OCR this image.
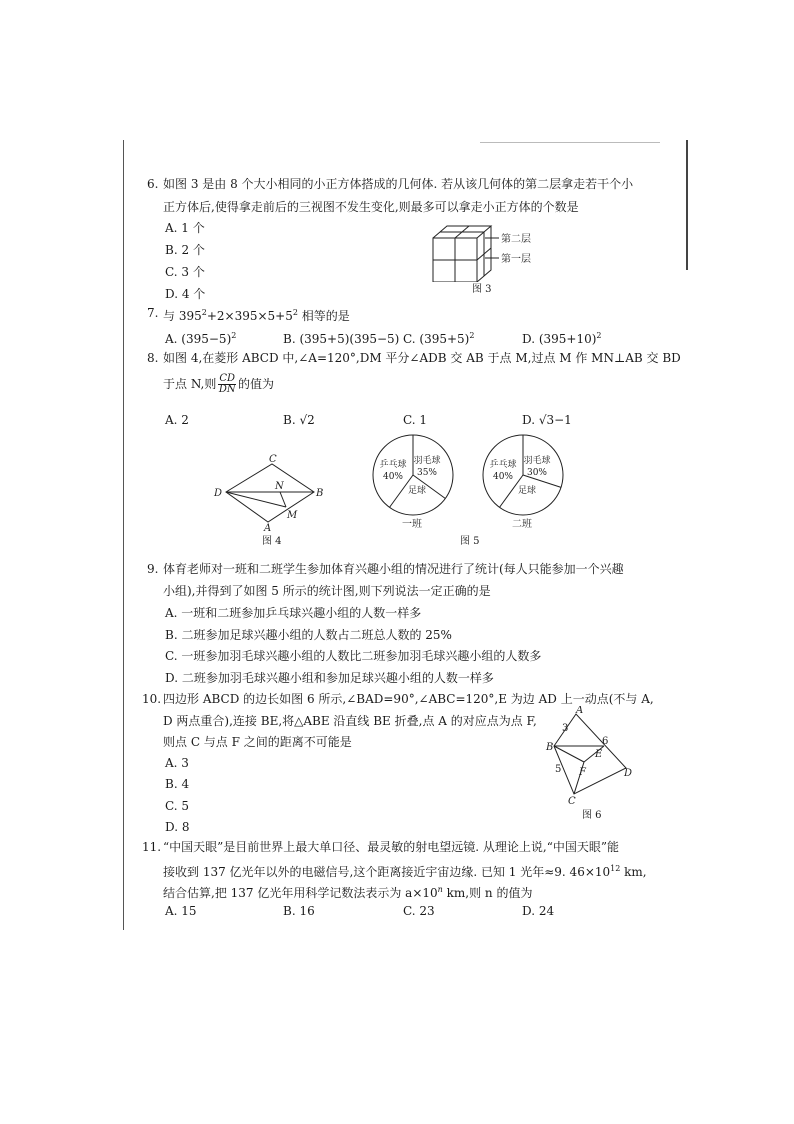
6. 如图 3 是由 8 个大小相同的小正方体搭成的几何体. 若从该几何体的第二层拿走若干个小
正方体后,使得拿走前后的三视图不发生变化,则最多可以拿走小正方体的个数是
A. 1 个
B. 2 个
C. 3 个
D. 4 个
第二层
第一层
图 3
7. 与 $395^2+2\times 395\times 5+5^2$ 相等的是
A. $(395-5)^2$	B. (395+5)(395−5) C. $(395+5)^2$	D. $(395+10)^2$
8. 如图 4,在菱形 ABCD 中,∠A=120°,DM 平分∠ADB 交 AB 于点 M,过点 M 作 MN⊥AB 交 BD
于点 N,则 $\frac{CD}{DN}$ 的值为
A. 2	B. √2	C. 1	D. √3−1
C
D
N
B
M
A
图 4
乒乓球
40%
羽毛球
35%
足球
乒乓球
40%
羽毛球
30%
足球
一班	二班
图 5
9. 体育老师对一班和二班学生参加体育兴趣小组的情况进行了统计(每人只能参加一个兴趣
小组),并得到了如图 5 所示的统计图,则下列说法一定正确的是
A. 一班和二班参加乒乓球兴趣小组的人数一样多
B. 二班参加足球兴趣小组的人数占二班总人数的 25%
C. 一班参加羽毛球兴趣小组的人数比二班参加羽毛球兴趣小组的人数多
D. 二班参加羽毛球兴趣小组和参加足球兴趣小组的人数一样多
10. 四边形 ABCD 的边长如图 6 所示,∠BAD=90°,∠ABC=120°,E 为边 AD 上一动点(不与 A,
D 两点重合),连接 BE,将△ABE 沿直线 BE 折叠,点 A 的对应点为点 F,
则点 C 与点 F 之间的距离不可能是
A. 3
B. 4
C. 5
D. 8
A
3
B
6
E
5 F	D
C
图 6
11. “中国天眼”是目前世界上最大单口径、最灵敏的射电望远镜. 从理论上说,“中国天眼”能
接收到 137 亿光年以外的电磁信号,这个距离接近宇宙边缘. 已知 1 光年≈9. $46\times 10^{12}$ km,
结合估算,把 137 亿光年用科学记数法表示为 $a\times 10^n$ km,则 n 的值为
A. 15	B. 16	C. 23	D. 24
